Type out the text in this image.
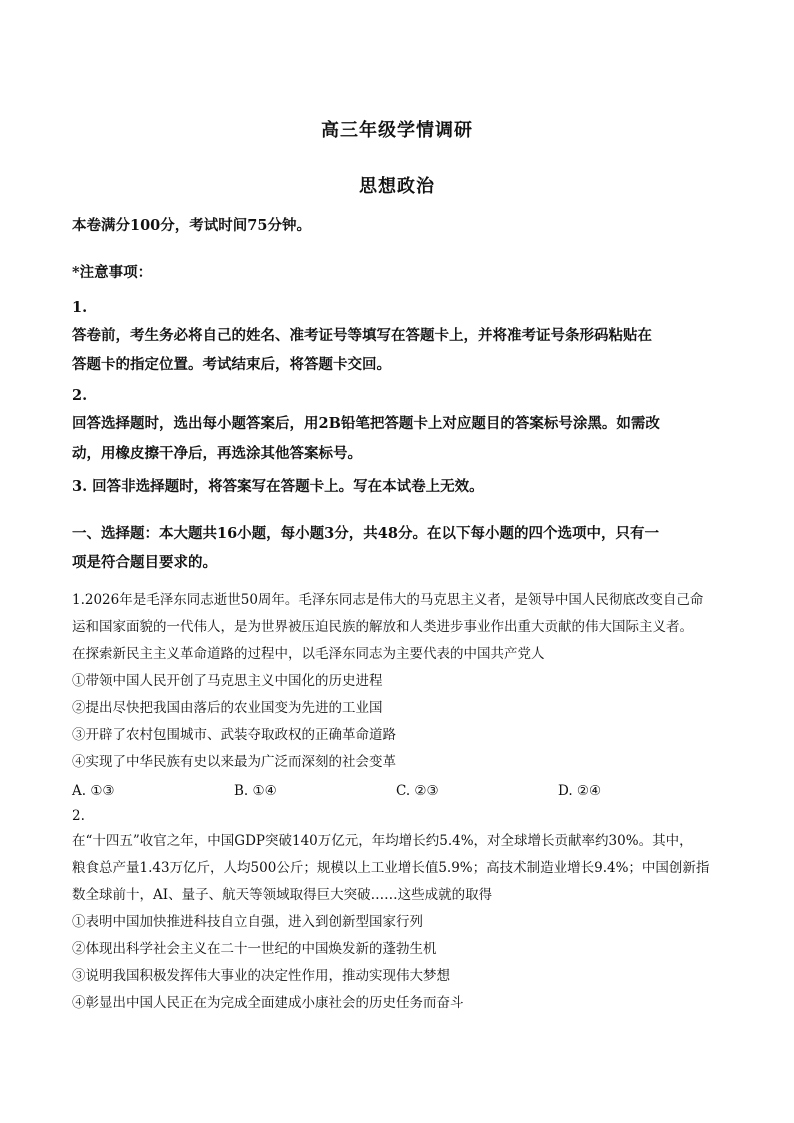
高三年级学情调研
思想政治
本卷满分100分，考试时间75分钟。
*注意事项：
1.
答卷前，考生务必将自己的姓名、准考证号等填写在答题卡上，并将准考证号条形码粘贴在
答题卡的指定位置。考试结束后，将答题卡交回。
2.
回答选择题时，选出每小题答案后，用2B铅笔把答题卡上对应题目的答案标号涂黑。如需改
动，用橡皮擦干净后，再选涂其他答案标号。
3. 回答非选择题时，将答案写在答题卡上。写在本试卷上无效。
一、选择题：本大题共16小题，每小题3分，共48分。在以下每小题的四个选项中，只有一
项是符合题目要求的。
1.2026年是毛泽东同志逝世50周年。毛泽东同志是伟大的马克思主义者，是领导中国人民彻底改变自己命
运和国家面貌的一代伟人，是为世界被压迫民族的解放和人类进步事业作出重大贡献的伟大国际主义者。
在探索新民主主义革命道路的过程中，以毛泽东同志为主要代表的中国共产党人
①带领中国人民开创了马克思主义中国化的历史进程
②提出尽快把我国由落后的农业国变为先进的工业国
③开辟了农村包围城市、武装夺取政权的正确革命道路
④实现了中华民族有史以来最为广泛而深刻的社会变革
A. ①③	B. ①④	C. ②③	D. ②④
2.
在“十四五”收官之年，中国GDP突破140万亿元，年均增长约5.4%，对全球增长贡献率约30%。其中，
粮食总产量1.43万亿斤，人均500公斤；规模以上工业增长值5.9%；高技术制造业增长9.4%；中国创新指
数全球前十，AI、量子、航天等领域取得巨大突破……这些成就的取得
①表明中国加快推进科技自立自强，进入到创新型国家行列
②体现出科学社会主义在二十一世纪的中国焕发新的蓬勃生机
③说明我国积极发挥伟大事业的决定性作用，推动实现伟大梦想
④彰显出中国人民正在为完成全面建成小康社会的历史任务而奋斗
